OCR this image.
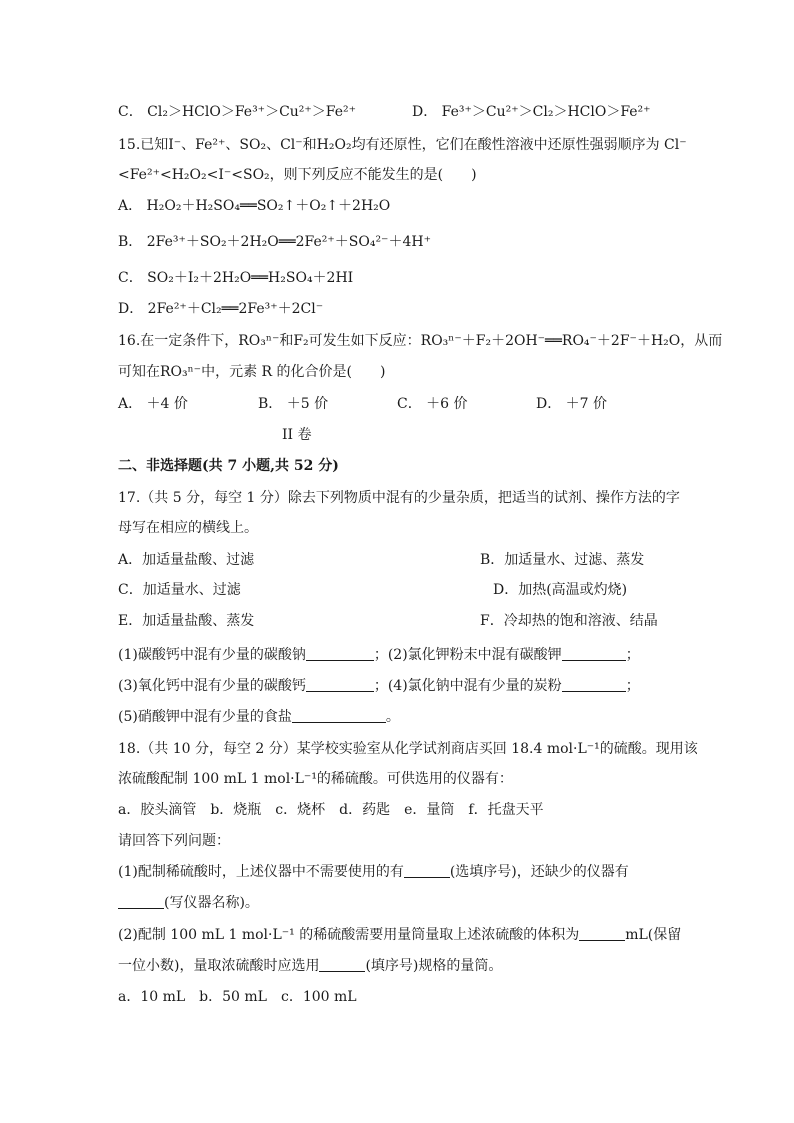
C． Cl₂＞HClO＞Fe³⁺＞Cu²⁺＞Fe²⁺	D． Fe³⁺＞Cu²⁺＞Cl₂＞HClO＞Fe²⁺
15.已知I⁻、Fe²⁺、SO₂、Cl⁻和H₂O₂均有还原性，它们在酸性溶液中还原性强弱顺序为 Cl⁻
<Fe²⁺<H₂O₂<I⁻<SO₂，则下列反应不能发生的是(　　)
A． H₂O₂＋H₂SO₄══SO₂↑＋O₂↑＋2H₂O
B． 2Fe³⁺＋SO₂＋2H₂O══2Fe²⁺＋SO₄²⁻＋4H⁺
C． SO₂＋I₂＋2H₂O══H₂SO₄＋2HI
D． 2Fe²⁺＋Cl₂══2Fe³⁺＋2Cl⁻
16.在一定条件下，RO₃ⁿ⁻和F₂可发生如下反应：RO₃ⁿ⁻＋F₂＋2OH⁻══RO₄⁻＋2F⁻＋H₂O，从而
可知在RO₃ⁿ⁻中，元素 R 的化合价是(　　)
A． ＋4 价	B． ＋5 价	C． ＋6 价	D． ＋7 价
II 卷
二、非选择题(共 7 小题,共 52 分)
17.（共 5 分，每空 1 分）除去下列物质中混有的少量杂质，把适当的试剂、操作方法的字
母写在相应的横线上。
A．加适量盐酸、过滤	B．加适量水、过滤、蒸发
C．加适量水、过滤	D．加热(高温或灼烧)
E．加适量盐酸、蒸发	F．冷却热的饱和溶液、结晶
(1)碳酸钙中混有少量的碳酸钠	；(2)氯化钾粉末中混有碳酸钾	；
(3)氧化钙中混有少量的碳酸钙	；(4)氯化钠中混有少量的炭粉	；
(5)硝酸钾中混有少量的食盐	。
18.（共 10 分，每空 2 分）某学校实验室从化学试剂商店买回 18.4 mol·L⁻¹的硫酸。现用该
浓硫酸配制 100 mL 1 mol·L⁻¹的稀硫酸。可供选用的仪器有：
a．胶头滴管　b．烧瓶　c．烧杯　d．药匙　e．量筒　f．托盘天平
请回答下列问题：
(1)配制稀硫酸时，上述仪器中不需要使用的有	(选填序号)，还缺少的仪器有
(写仪器名称)。
(2)配制 100 mL 1 mol·L⁻¹ 的稀硫酸需要用量筒量取上述浓硫酸的体积为	mL(保留
一位小数)，量取浓硫酸时应选用	(填序号)规格的量筒。
a．10 mL　b．50 mL　c．100 mL
